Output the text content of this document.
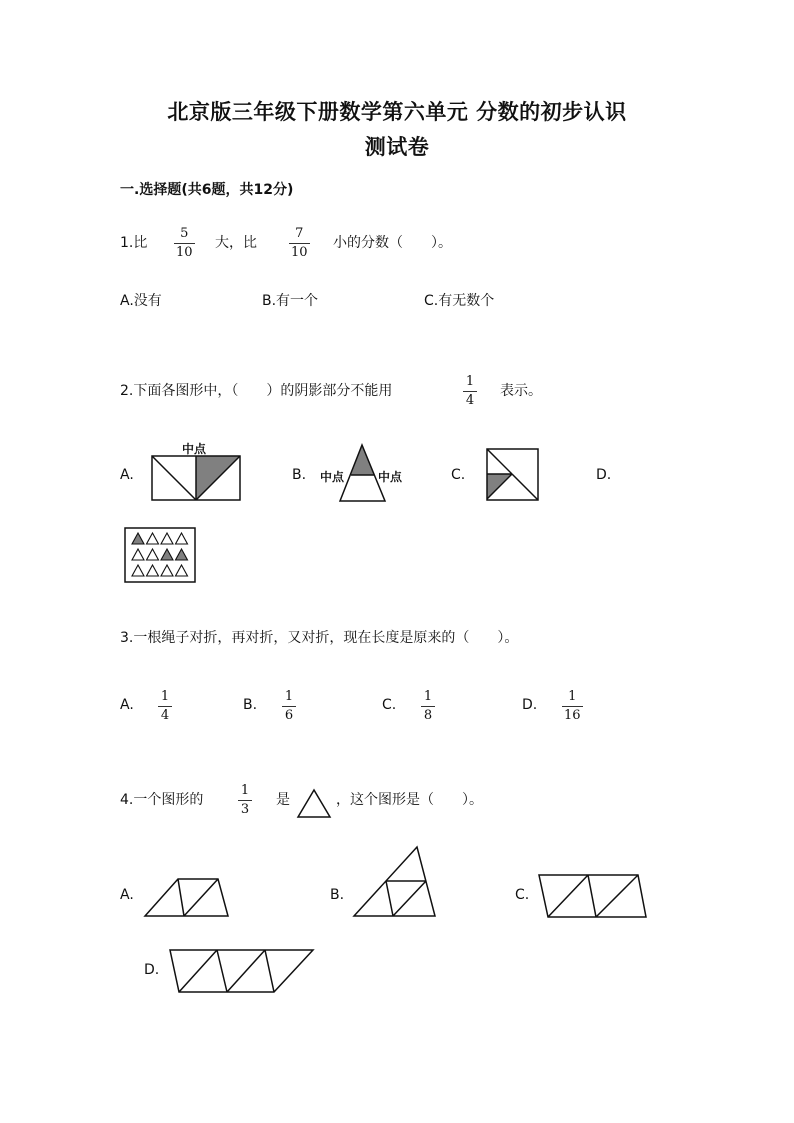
北京版三年级下册数学第六单元 分数的初步认识
测试卷
一.选择题(共6题，共12分)
1.比
5
10
大，比
7
10
小的分数（　　）。
A.没有	B.有一个	C.有无数个
2.下面各图形中，（　　）的阴影部分不能用
1
4
表示。
A.
中点
B. 中点	中点	C.	D.
3.一根绳子对折，再对折，又对折，现在长度是原来的（　　）。
A.
1
4
B.
1
6
C.
1
8
D.
1
16
4.一个图形的
1
3
是	，这个图形是（　　）。
A.	B.	C.
D.
